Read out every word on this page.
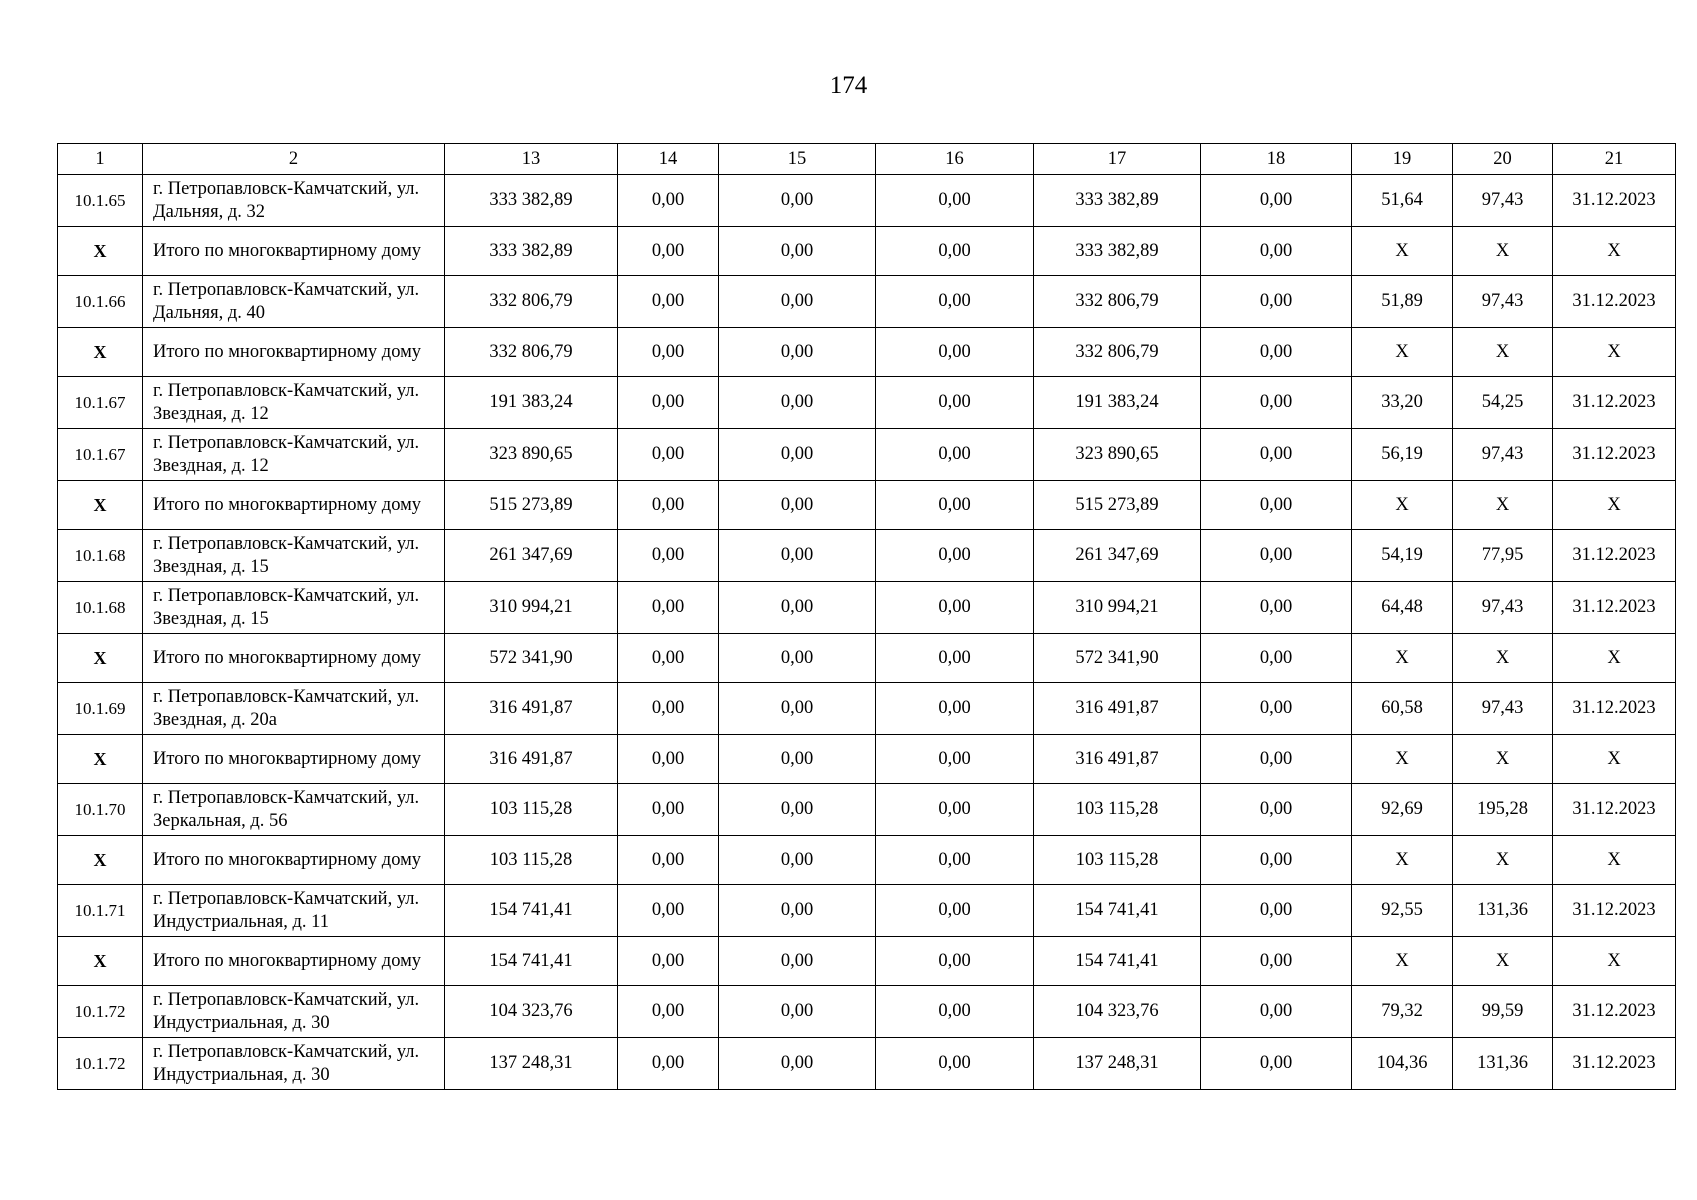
174
1	2	13	14	15	16	17	18	19	20	21
10.1.65	г. Петропавловск-Камчатский, ул. Дальняя, д. 32	333 382,89	0,00	0,00	0,00	333 382,89	0,00	51,64	97,43	31.12.2023
X	Итого по многоквартирному дому	333 382,89	0,00	0,00	0,00	333 382,89	0,00	X	X	X
10.1.66	г. Петропавловск-Камчатский, ул. Дальняя, д. 40	332 806,79	0,00	0,00	0,00	332 806,79	0,00	51,89	97,43	31.12.2023
X	Итого по многоквартирному дому	332 806,79	0,00	0,00	0,00	332 806,79	0,00	X	X	X
10.1.67	г. Петропавловск-Камчатский, ул. Звездная, д. 12	191 383,24	0,00	0,00	0,00	191 383,24	0,00	33,20	54,25	31.12.2023
10.1.67	г. Петропавловск-Камчатский, ул. Звездная, д. 12	323 890,65	0,00	0,00	0,00	323 890,65	0,00	56,19	97,43	31.12.2023
X	Итого по многоквартирному дому	515 273,89	0,00	0,00	0,00	515 273,89	0,00	X	X	X
10.1.68	г. Петропавловск-Камчатский, ул. Звездная, д. 15	261 347,69	0,00	0,00	0,00	261 347,69	0,00	54,19	77,95	31.12.2023
10.1.68	г. Петропавловск-Камчатский, ул. Звездная, д. 15	310 994,21	0,00	0,00	0,00	310 994,21	0,00	64,48	97,43	31.12.2023
X	Итого по многоквартирному дому	572 341,90	0,00	0,00	0,00	572 341,90	0,00	X	X	X
10.1.69	г. Петропавловск-Камчатский, ул. Звездная, д. 20а	316 491,87	0,00	0,00	0,00	316 491,87	0,00	60,58	97,43	31.12.2023
X	Итого по многоквартирному дому	316 491,87	0,00	0,00	0,00	316 491,87	0,00	X	X	X
10.1.70	г. Петропавловск-Камчатский, ул. Зеркальная, д. 56	103 115,28	0,00	0,00	0,00	103 115,28	0,00	92,69	195,28	31.12.2023
X	Итого по многоквартирному дому	103 115,28	0,00	0,00	0,00	103 115,28	0,00	X	X	X
10.1.71	г. Петропавловск-Камчатский, ул. Индустриальная, д. 11	154 741,41	0,00	0,00	0,00	154 741,41	0,00	92,55	131,36	31.12.2023
X	Итого по многоквартирному дому	154 741,41	0,00	0,00	0,00	154 741,41	0,00	X	X	X
10.1.72	г. Петропавловск-Камчатский, ул. Индустриальная, д. 30	104 323,76	0,00	0,00	0,00	104 323,76	0,00	79,32	99,59	31.12.2023
10.1.72	г. Петропавловск-Камчатский, ул. Индустриальная, д. 30	137 248,31	0,00	0,00	0,00	137 248,31	0,00	104,36	131,36	31.12.2023
